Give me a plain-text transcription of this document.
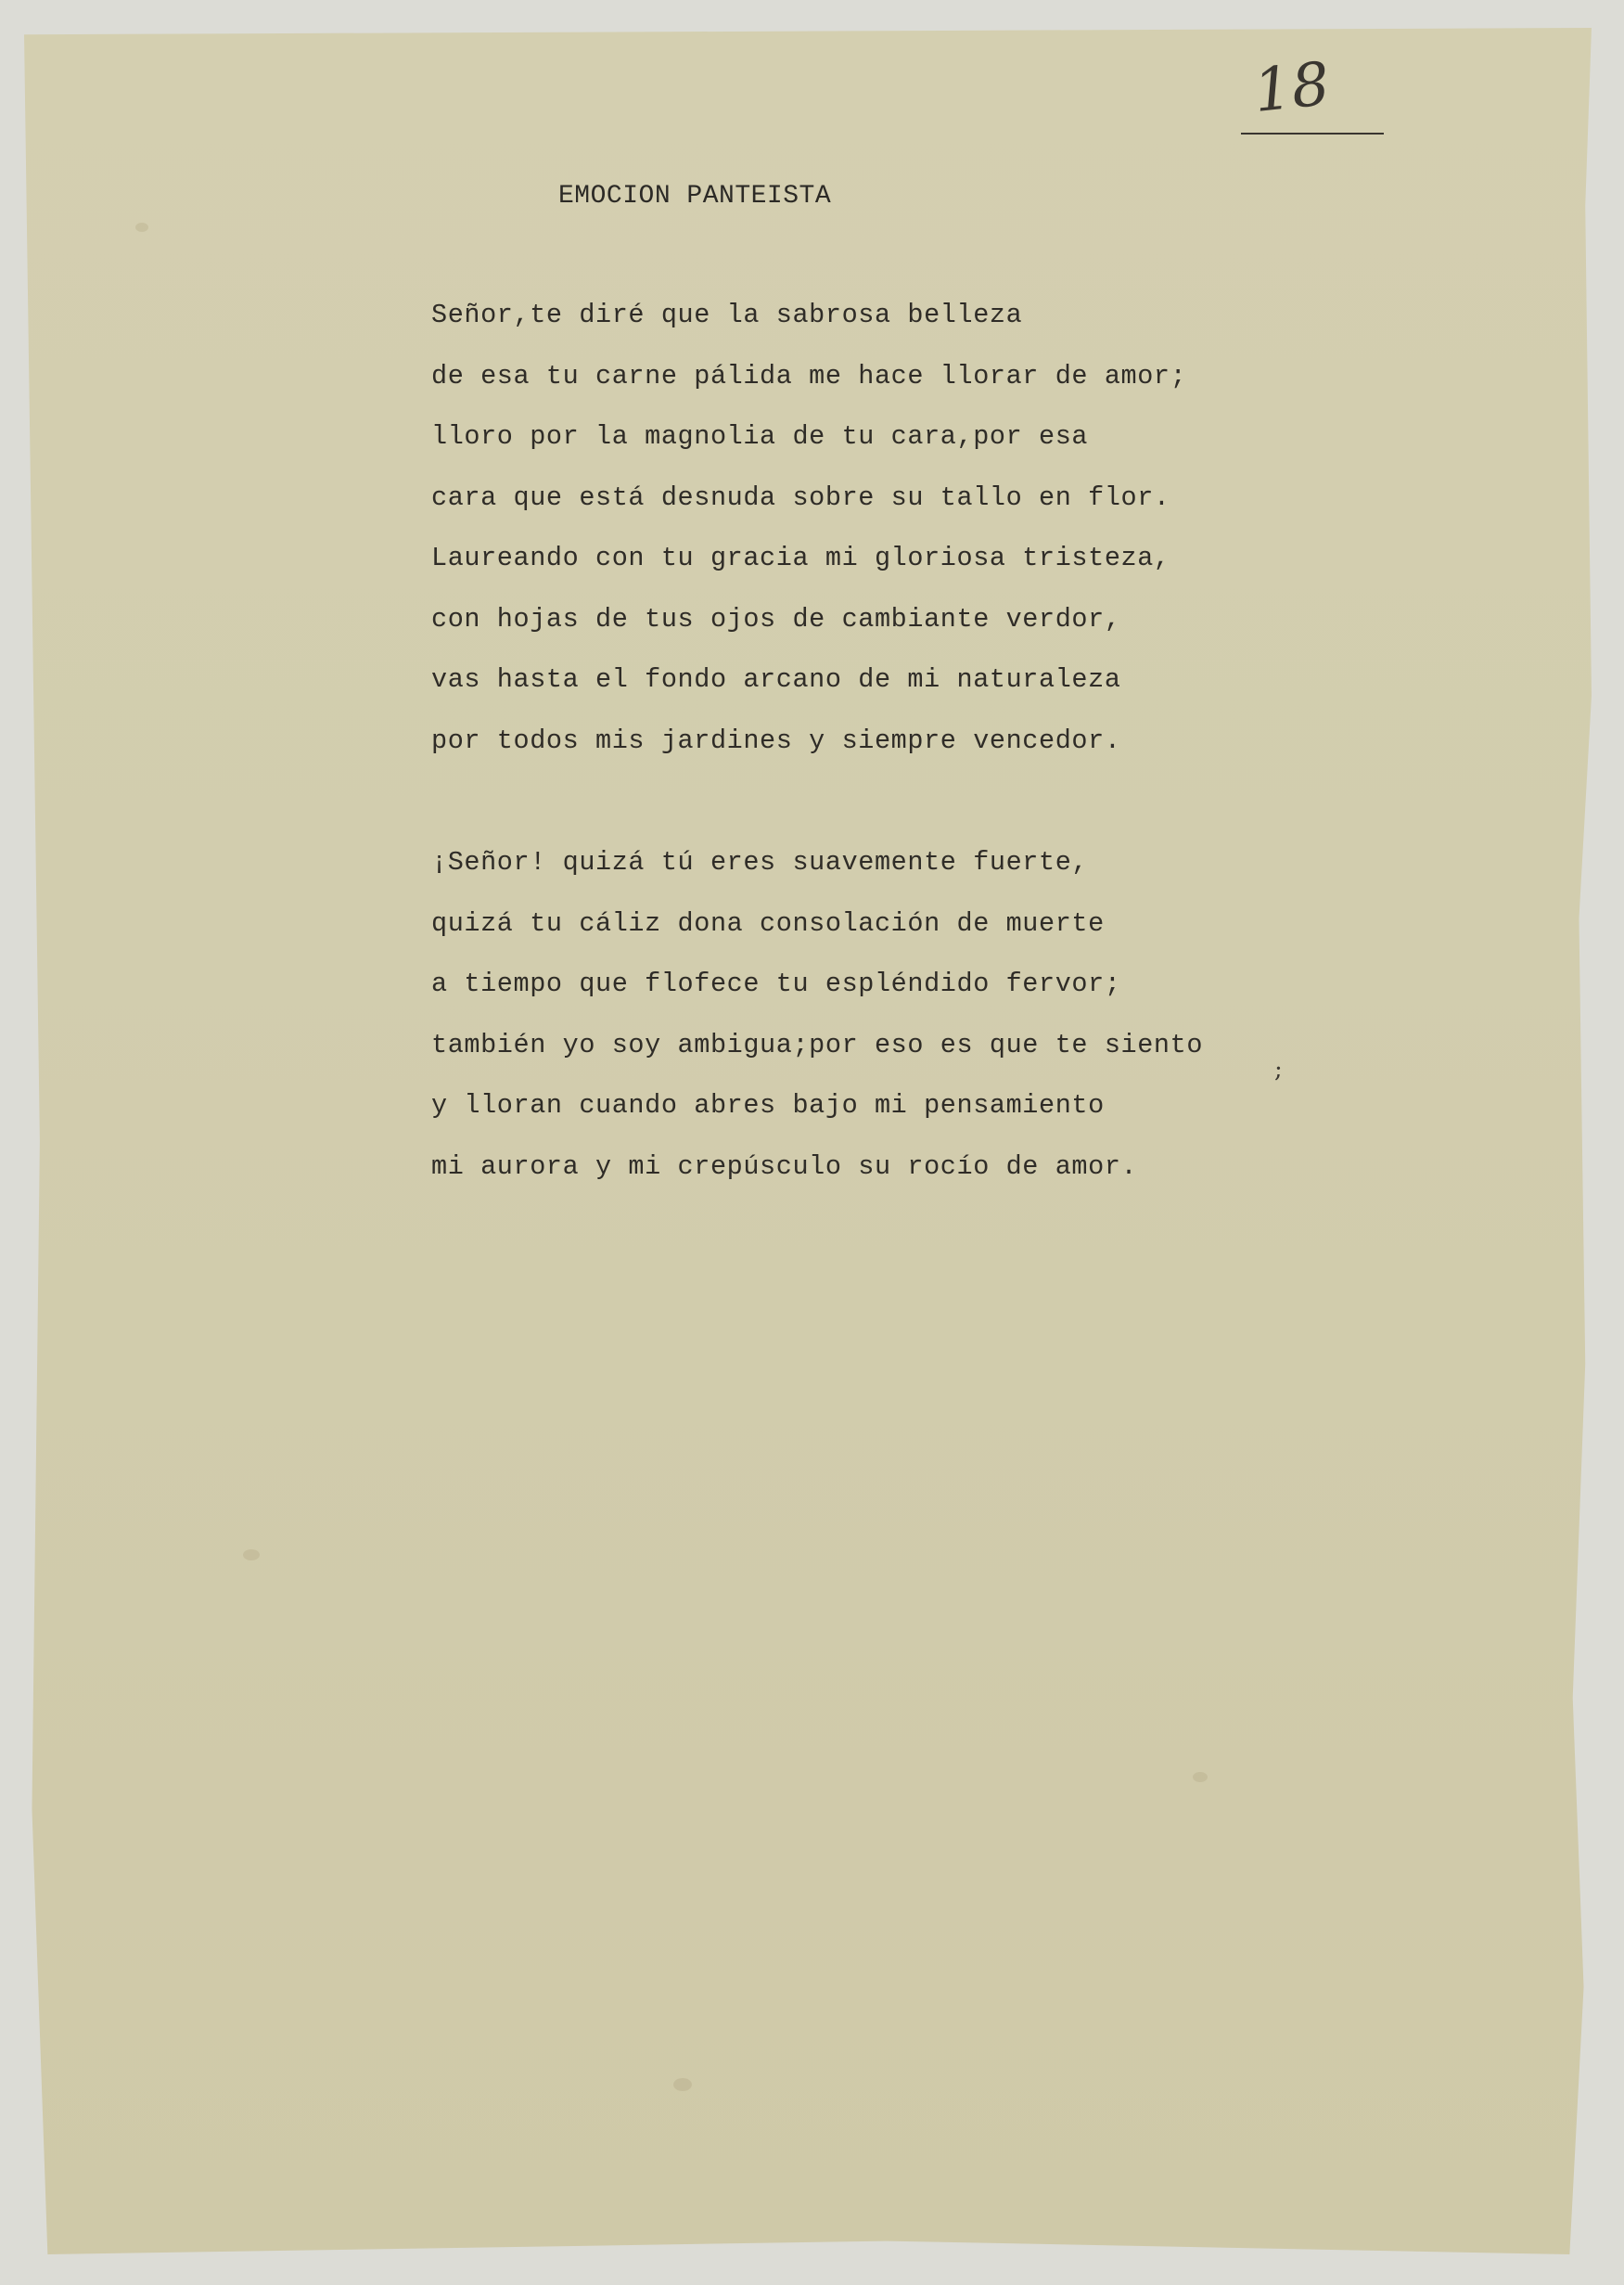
18
EMOCION PANTEISTA
Señor,te diré que la sabrosa belleza
de esa tu carne pálida me hace llorar de amor;
lloro por la magnolia de tu cara,por esa
cara que está desnuda sobre su tallo en flor.
Laureando con tu gracia mi gloriosa tristeza,
con hojas de tus ojos de cambiante verdor,
vas hasta el fondo arcano de mi naturaleza
por todos mis jardines y siempre vencedor.
¡Señor! quizá tú eres suavemente fuerte,
quizá tu cáliz dona consolación de muerte
a tiempo que flofece tu espléndido fervor;
también yo soy ambigua;por eso es que te siento
y lloran cuando abres bajo mi pensamiento
mi aurora y mi crepúsculo su rocío de amor.
;
